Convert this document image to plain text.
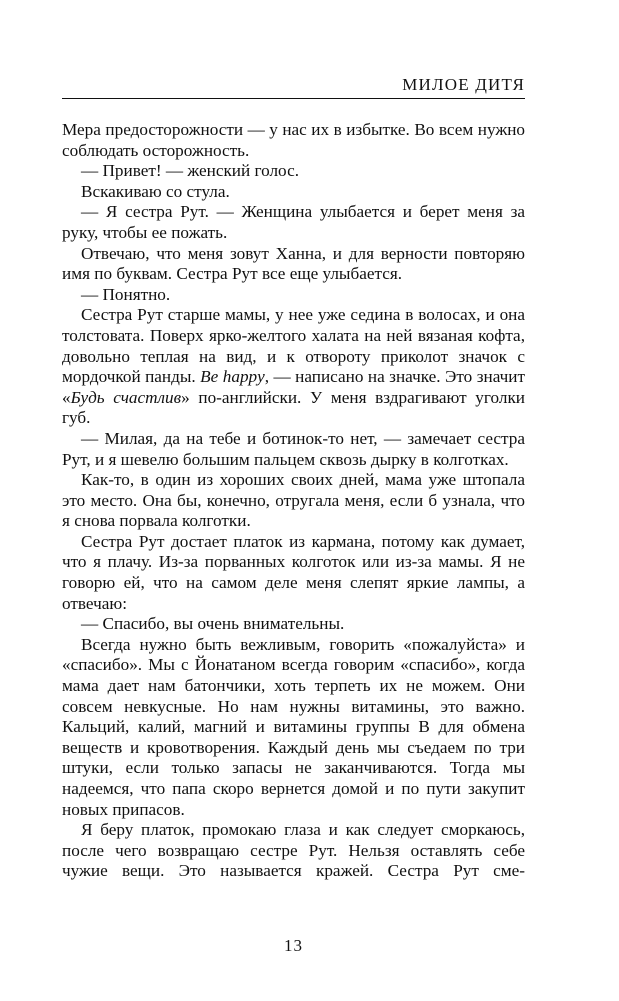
МИЛОЕ ДИТЯ

Мера предосторожности — у нас их в избытке. Во всем нужно соблюдать осторожность.

— Привет! — женский голос.

Вскакиваю со стула.

— Я сестра Рут. — Женщина улыбается и берет меня за руку, чтобы ее пожать.

Отвечаю, что меня зовут Ханна, и для верности повторяю имя по буквам. Сестра Рут все еще улыбается.

— Понятно.

Сестра Рут старше мамы, у нее уже седина в волосах, и она толстовата. Поверх ярко-желтого халата на ней вязаная кофта, довольно теплая на вид, и к отвороту приколот значок с мордочкой панды. Be happy, — написано на значке. Это значит «Будь счастлив» по-английски. У меня вздрагивают уголки губ.

— Милая, да на тебе и ботинок-то нет, — замечает сестра Рут, и я шевелю большим пальцем сквозь дырку в колготках.

Как-то, в один из хороших своих дней, мама уже штопала это место. Она бы, конечно, отругала меня, если б узнала, что я снова порвала колготки.

Сестра Рут достает платок из кармана, потому как думает, что я плачу. Из-за порванных колготок или из-за мамы. Я не говорю ей, что на самом деле меня слепят яркие лампы, а отвечаю:

— Спасибо, вы очень внимательны.

Всегда нужно быть вежливым, говорить «пожалуйста» и «спасибо». Мы с Йонатаном всегда говорим «спасибо», когда мама дает нам батончики, хоть терпеть их не можем. Они совсем невкусные. Но нам нужны витамины, это важно. Кальций, калий, магний и витамины группы B для обмена веществ и кровотворения. Каждый день мы съедаем по три штуки, если только запасы не заканчиваются. Тогда мы надеемся, что папа скоро вернется домой и по пути закупит новых припасов.

Я беру платок, промокаю глаза и как следует сморкаюсь, после чего возвращаю сестре Рут. Нельзя оставлять себе чужие вещи. Это называется кражей. Сестра Рут сме-

13
